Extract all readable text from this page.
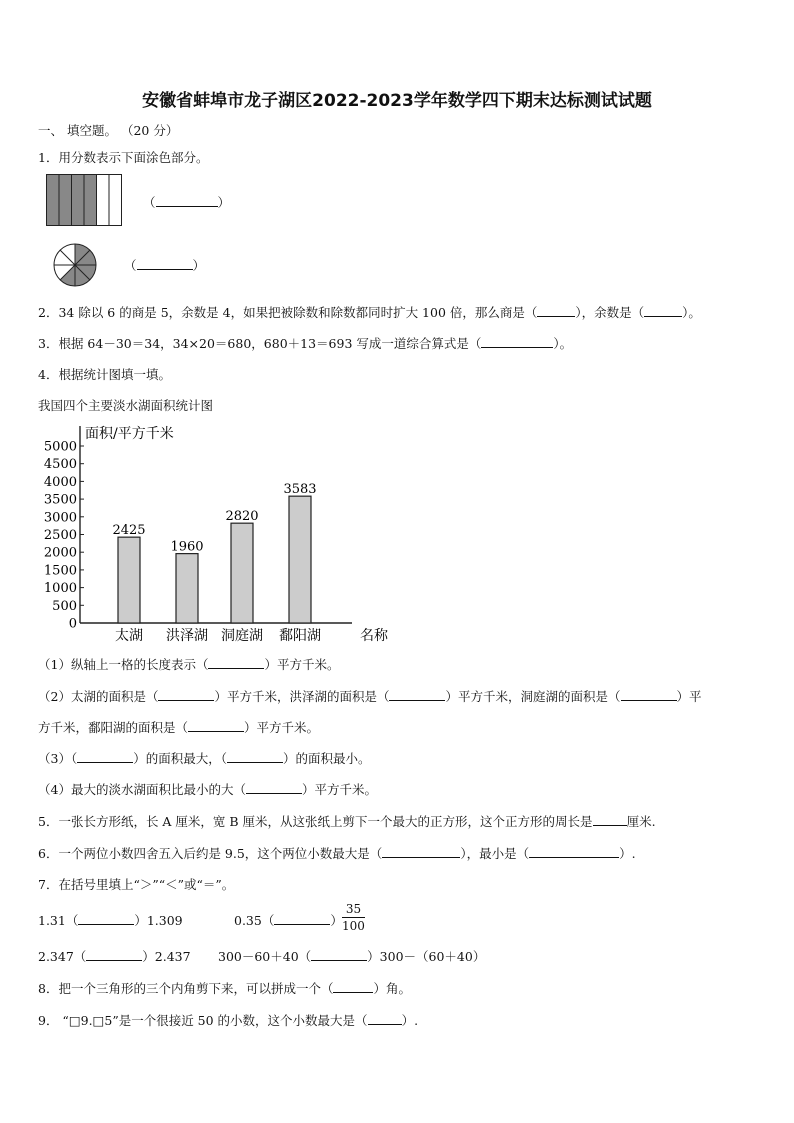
安徽省蚌埠市龙子湖区2022-2023学年数学四下期末达标测试试题
一、 填空题。 （20 分）
1．用分数表示下面涂色部分。
（	）
（	）
2．34 除以 6 的商是 5，余数是 4，如果把被除数和除数都同时扩大 100 倍，那么商是（	），余数是（	）。
3．根据 64－30＝34，34×20＝680，680＋13＝693 写成一道综合算式是（	）。
4．根据统计图填一填。
我国四个主要淡水湖面积统计图
面积/平方千米
0
500
1000
1500
2000
2500
3000
3500
4000
4500
5000
2425
太湖
1960
洪泽湖
2820
洞庭湖
3583
鄱阳湖	名称
（1）纵轴上一格的长度表示（	）平方千米。
（2）太湖的面积是（	）平方千米，洪泽湖的面积是（	）平方千米，洞庭湖的面积是（	）平
方千米，鄱阳湖的面积是（	）平方千米。
（3）（	）的面积最大，（	）的面积最小。
（4）最大的淡水湖面积比最小的大（	）平方千米。
5．一张长方形纸，长 A 厘米，宽 B 厘米，从这张纸上剪下一个最大的正方形，这个正方形的周长是	厘米.
6．一个两位小数四舍五入后约是 9.5，这个两位小数最大是（	），最小是（	）.
7．在括号里填上“＞”“＜”或“＝”。
1.31（	）1.309	0.35（	） $\frac{35}{100}$
2.347（	）2.437 300－60＋40（	）300－（60＋40）
8．把一个三角形的三个内角剪下来，可以拼成一个（	）角。
9． “□9.□5”是一个很接近 50 的小数，这个小数最大是（	）.
